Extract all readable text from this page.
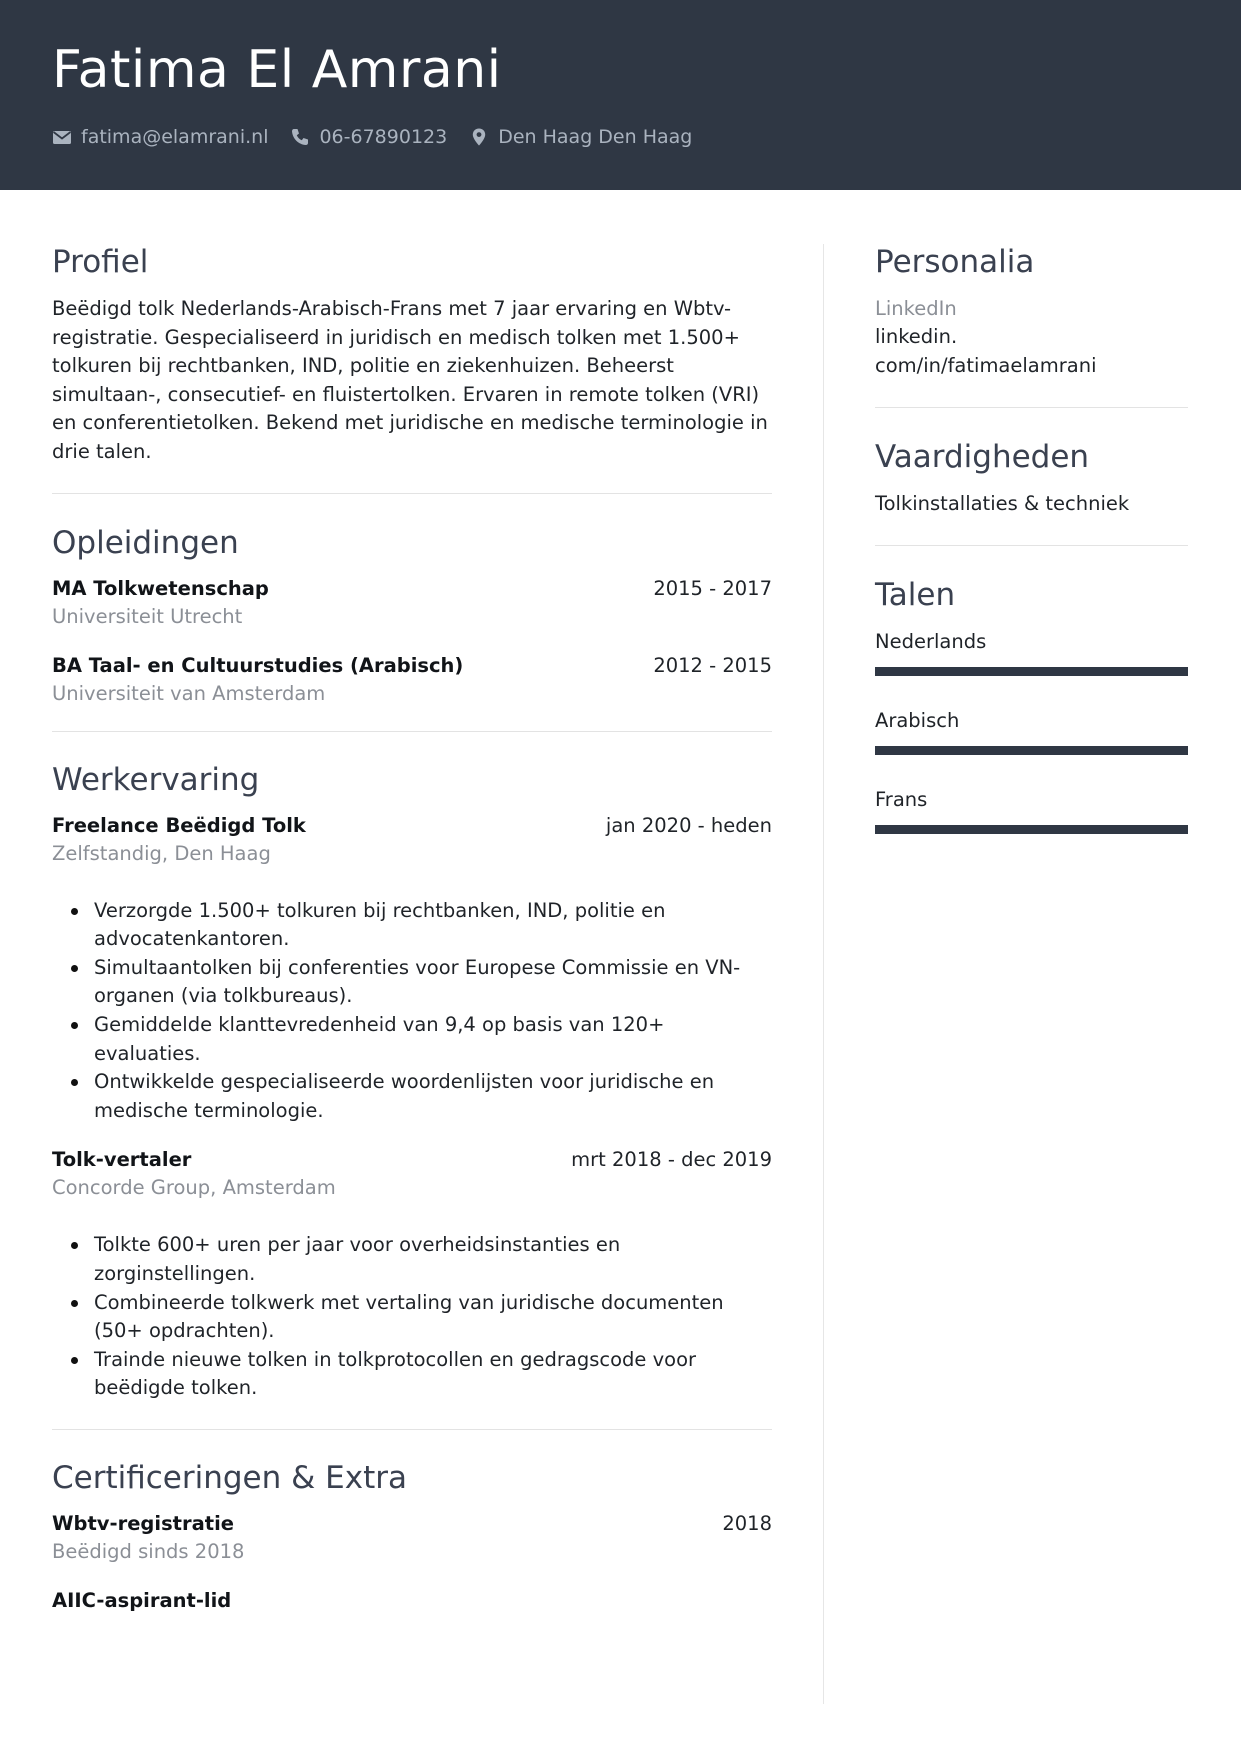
Fatima El Amrani
fatima@elamrani.nl	06-67890123	Den Haag Den Haag
Profiel

Beëdigd tolk Nederlands-Arabisch-Frans met 7 jaar ervaring en Wbtv-registratie. Gespecialiseerd in juridisch en medisch tolken met 1.500+ tolkuren bij rechtbanken, IND, politie en ziekenhuizen. Beheerst simultaan-, consecutief- en fluistertolken. Ervaren in remote tolken (VRI) en conferentietolken. Bekend met juridische en medische terminologie in drie talen.

Opleidingen
MA Tolkwetenschap	2015 - 2017
Universiteit Utrecht
BA Taal- en Cultuurstudies (Arabisch)	2012 - 2015
Universiteit van Amsterdam
Werkervaring
Freelance Beëdigd Tolk	jan 2020 - heden
Zelfstandig, Den Haag
Verzorgde 1.500+ tolkuren bij rechtbanken, IND, politie en advocatenkantoren.
Simultaantolken bij conferenties voor Europese Commissie en VN-organen (via tolkbureaus).
Gemiddelde klanttevredenheid van 9,4 op basis van 120+ evaluaties.
Ontwikkelde gespecialiseerde woordenlijsten voor juridische en medische terminologie.
Tolk-vertaler	mrt 2018 - dec 2019
Concorde Group, Amsterdam
Tolkte 600+ uren per jaar voor overheidsinstanties en zorginstellingen.
Combineerde tolkwerk met vertaling van juridische documenten (50+ opdrachten).
Trainde nieuwe tolken in tolkprotocollen en gedragscode voor beëdigde tolken.
Certificeringen & Extra
Wbtv-registratie	2018
Beëdigd sinds 2018
AIIC-aspirant-lid
Personalia
LinkedIn
linkedin.
com/in/fatimaelamrani
Vaardigheden
Tolkinstallaties & techniek
Talen
Nederlands
Arabisch
Frans
